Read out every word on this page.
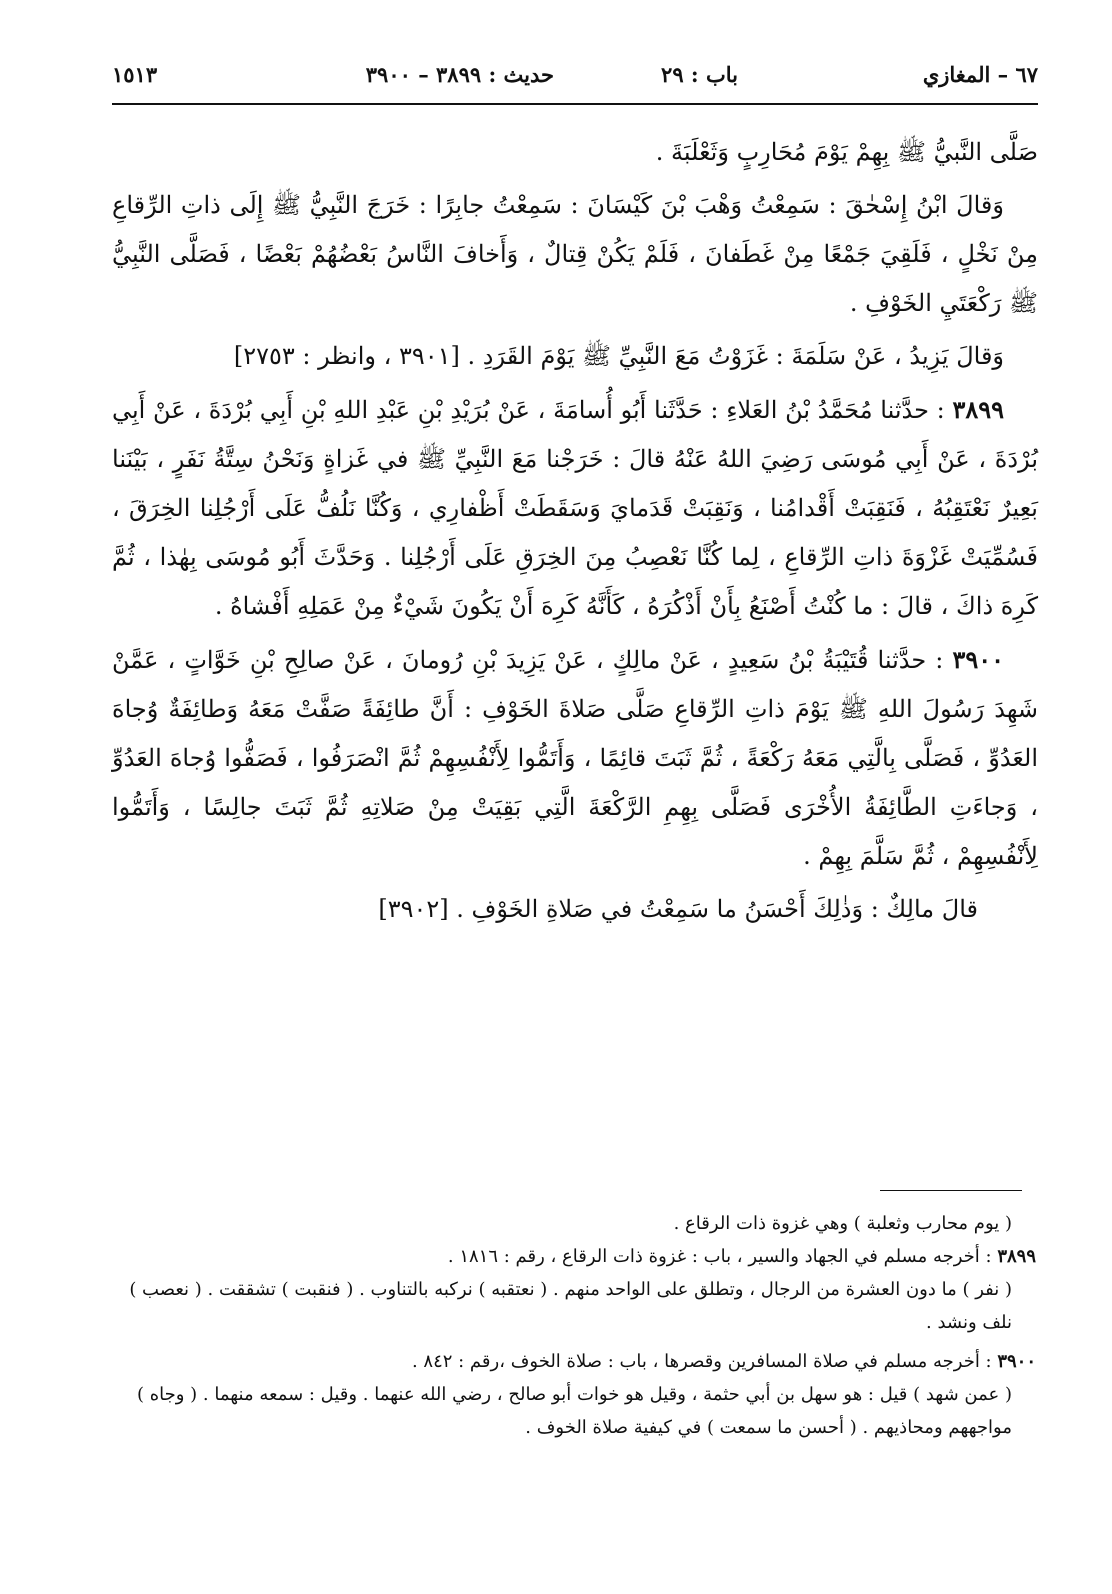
٦٧ – المغازي
باب : ٢٩
حديث : ٣٨٩٩ – ٣٩٠٠
١٥١٣

صَلَّى النَّبيُّ ﷺ بِهِمْ يَوْمَ مُحَارِبٍ وَثَعْلَبَةَ .

وَقالَ ابْنُ إِسْحٰقَ : سَمِعْتُ وَهْبَ بْنَ كَيْسَانَ : سَمِعْتُ جابِرًا : خَرَجَ النَّبِيُّ ﷺ إِلَى ذاتِ الرِّقاعِ مِنْ نَخْلٍ ، فَلَقِيَ جَمْعًا مِنْ غَطَفانَ ، فَلَمْ يَكُنْ قِتالٌ ، وَأَخافَ النَّاسُ بَعْضُهُمْ بَعْضًا ، فَصَلَّى النَّبِيُّ ﷺ رَكْعَتَيِ الخَوْفِ .

وَقالَ يَزِيدُ ، عَنْ سَلَمَةَ : غَزَوْتُ مَعَ النَّبِيِّ ﷺ يَوْمَ القَرَدِ . [٣٩٠١ ، وانظر : ٢٧٥٣]

٣٨٩٩ : حدَّثنا مُحَمَّدُ بْنُ العَلاءِ : حَدَّثَنا أَبُو أُسامَةَ ، عَنْ بُرَيْدِ بْنِ عَبْدِ اللهِ بْنِ أَبِي بُرْدَةَ ، عَنْ أَبِي بُرْدَةَ ، عَنْ أَبِي مُوسَى رَضِيَ اللهُ عَنْهُ قالَ : خَرَجْنا مَعَ النَّبِيِّ ﷺ في غَزاةٍ وَنَحْنُ سِتَّةُ نَفَرٍ ، بَيْنَنا بَعِيرٌ نَعْتَقِبُهُ ، فَنَقِبَتْ أَقْدامُنا ، وَنَقِبَتْ قَدَمايَ وَسَقَطَتْ أَظْفارِي ، وَكُنَّا نَلُفُّ عَلَى أَرْجُلِنا الخِرَقَ ، فَسُمِّيَتْ غَزْوَةَ ذاتِ الرِّقاعِ ، لِما كُنَّا نَعْصِبُ مِنَ الخِرَقِ عَلَى أَرْجُلِنا . وَحَدَّثَ أَبُو مُوسَى بِهٰذا ، ثُمَّ كَرِهَ ذاكَ ، قالَ : ما كُنْتُ أَصْنَعُ بِأَنْ أَذْكُرَهُ ، كَأَنَّهُ كَرِهَ أَنْ يَكُونَ شَيْءٌ مِنْ عَمَلِهِ أَفْشاهُ .

٣٩٠٠ : حدَّثنا قُتَيْبَةُ بْنُ سَعِيدٍ ، عَنْ مالِكٍ ، عَنْ يَزِيدَ بْنِ رُومانَ ، عَنْ صالِحِ بْنِ خَوَّاتٍ ، عَمَّنْ شَهِدَ رَسُولَ اللهِ ﷺ يَوْمَ ذاتِ الرِّقاعِ صَلَّى صَلاةَ الخَوْفِ : أَنَّ طائِفَةً صَفَّتْ مَعَهُ وَطائِفَةٌ وُجاهَ العَدُوِّ ، فَصَلَّى بِالَّتِي مَعَهُ رَكْعَةً ، ثُمَّ ثَبَتَ قائِمًا ، وَأَتَمُّوا لِأَنْفُسِهِمْ ثُمَّ انْصَرَفُوا ، فَصَفُّوا وُجاهَ العَدُوِّ ، وَجاءَتِ الطَّائِفَةُ الأُخْرَى فَصَلَّى بِهِمِ الرَّكْعَةَ الَّتِي بَقِيَتْ مِنْ صَلاتِهِ ثُمَّ ثَبَتَ جالِسًا ، وَأَتَمُّوا لِأَنْفُسِهِمْ ، ثُمَّ سَلَّمَ بِهِمْ .

قالَ مالِكٌ : وَذٰلِكَ أَحْسَنُ ما سَمِعْتُ في صَلاةِ الخَوْفِ . [٣٩٠٢]

( يوم محارب وثعلبة ) وهي غزوة ذات الرقاع .

٣٨٩٩ : أخرجه مسلم في الجهاد والسير ، باب : غزوة ذات الرقاع ، رقم : ١٨١٦ .

( نفر ) ما دون العشرة من الرجال ، وتطلق على الواحد منهم . ( نعتقبه ) نركبه بالتناوب . ( فنقبت ) تشققت . ( نعصب ) نلف ونشد .

٣٩٠٠ : أخرجه مسلم في صلاة المسافرين وقصرها ، باب : صلاة الخوف ،رقم : ٨٤٢ .

( عمن شهد ) قيل : هو سهل بن أبي حثمة ، وقيل هو خوات أبو صالح ، رضي الله عنهما . وقيل : سمعه منهما . ( وجاه ) مواجههم ومحاذيهم . ( أحسن ما سمعت ) في كيفية صلاة الخوف .
